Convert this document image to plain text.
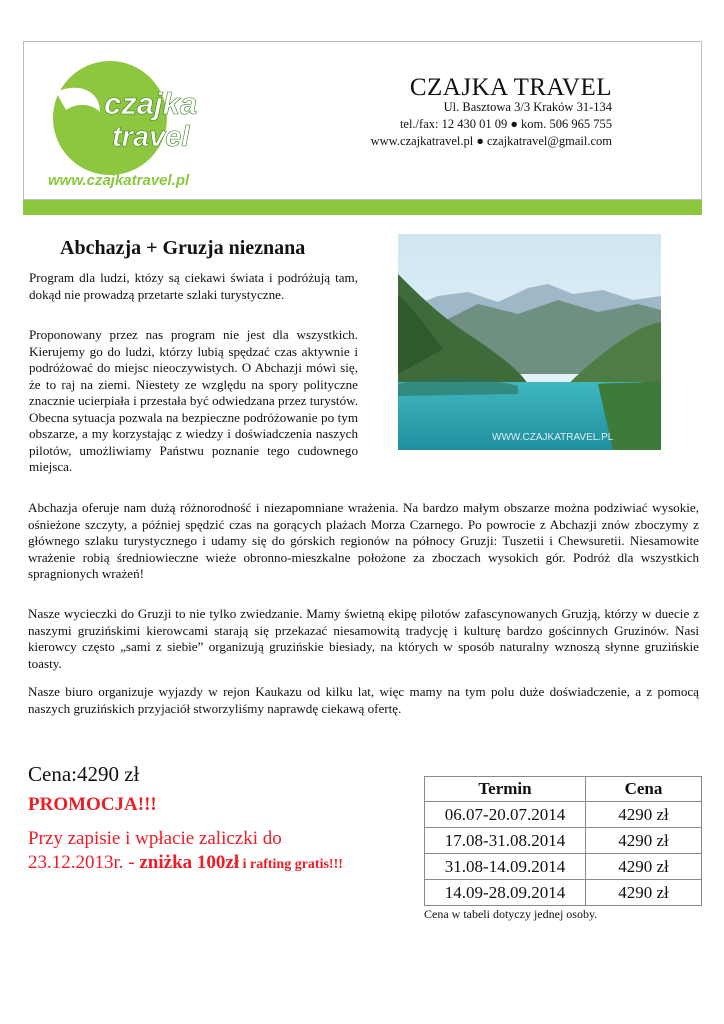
czajka
travel
www.czajkatravel.pl
CZAJKA TRAVEL
Ul. Basztowa 3/3 Kraków 31-134
tel./fax: 12 430 01 09 ● kom. 506 965 755
www.czajkatravel.pl ● czajkatravel@gmail.com
Abchazja + Gruzja nieznana
WWW.CZAJKATRAVEL.PL
Program dla ludzi, któzy są ciekawi świata i podróżują tam, dokąd nie prowadzą przetarte szlaki turystyczne.
Proponowany przez nas program nie jest dla wszystkich. Kierujemy go do ludzi, którzy lubią spędzać czas aktywnie i podróżować do miejsc nieoczywistych. O Abchazji mówi się, że to raj na ziemi. Niestety ze względu na spory polityczne znacznie ucierpiała i przestała być odwiedzana przez turystów. Obecna sytuacja pozwala na bezpieczne podróżowanie po tym obszarze, a my korzystając z wiedzy i doświadczenia naszych pilotów, umożliwiamy Państwu poznanie tego cudownego miejsca.
Abchazja oferuje nam dużą różnorodność i niezapomniane wrażenia. Na bardzo małym obszarze można podziwiać wysokie, ośnieżone szczyty, a później spędzić czas na gorących plażach Morza Czarnego. Po powrocie z Abchazji znów zboczymy z głównego szlaku turystycznego i udamy się do górskich regionów na północy Gruzji: Tuszetii i Chewsuretii. Niesamowite wrażenie robią średniowieczne wieże obronno-mieszkalne położone za zboczach wysokich gór. Podróż dla wszystkich spragnionych wrażeń!
Nasze wycieczki do Gruzji to nie tylko zwiedzanie. Mamy świetną ekipę pilotów zafascynowanych Gruzją, którzy w duecie z naszymi gruzińskimi kierowcami starają się przekazać niesamowitą tradycję i kulturę bardzo gościnnych Gruzinów. Nasi kierowcy często „sami z siebie” organizują gruzińskie biesiady, na których w sposób naturalny wznoszą słynne gruzińskie toasty.
Nasze biuro organizuje wyjazdy w rejon Kaukazu od kilku lat, więc mamy na tym polu duże doświadczenie, a z pomocą naszych gruzińskich przyjaciół stworzyliśmy naprawdę ciekawą ofertę.
Cena:4290 zł
PROMOCJA!!!
Przy zapisie i wpłacie zaliczki do
23.12.2013r. - zniżka 100zł i rafting gratis!!!
Termin	Cena
06.07-20.07.2014	4290 zł
17.08-31.08.2014	4290 zł
31.08-14.09.2014	4290 zł
14.09-28.09.2014	4290 zł
Cena w tabeli dotyczy jednej osoby.
